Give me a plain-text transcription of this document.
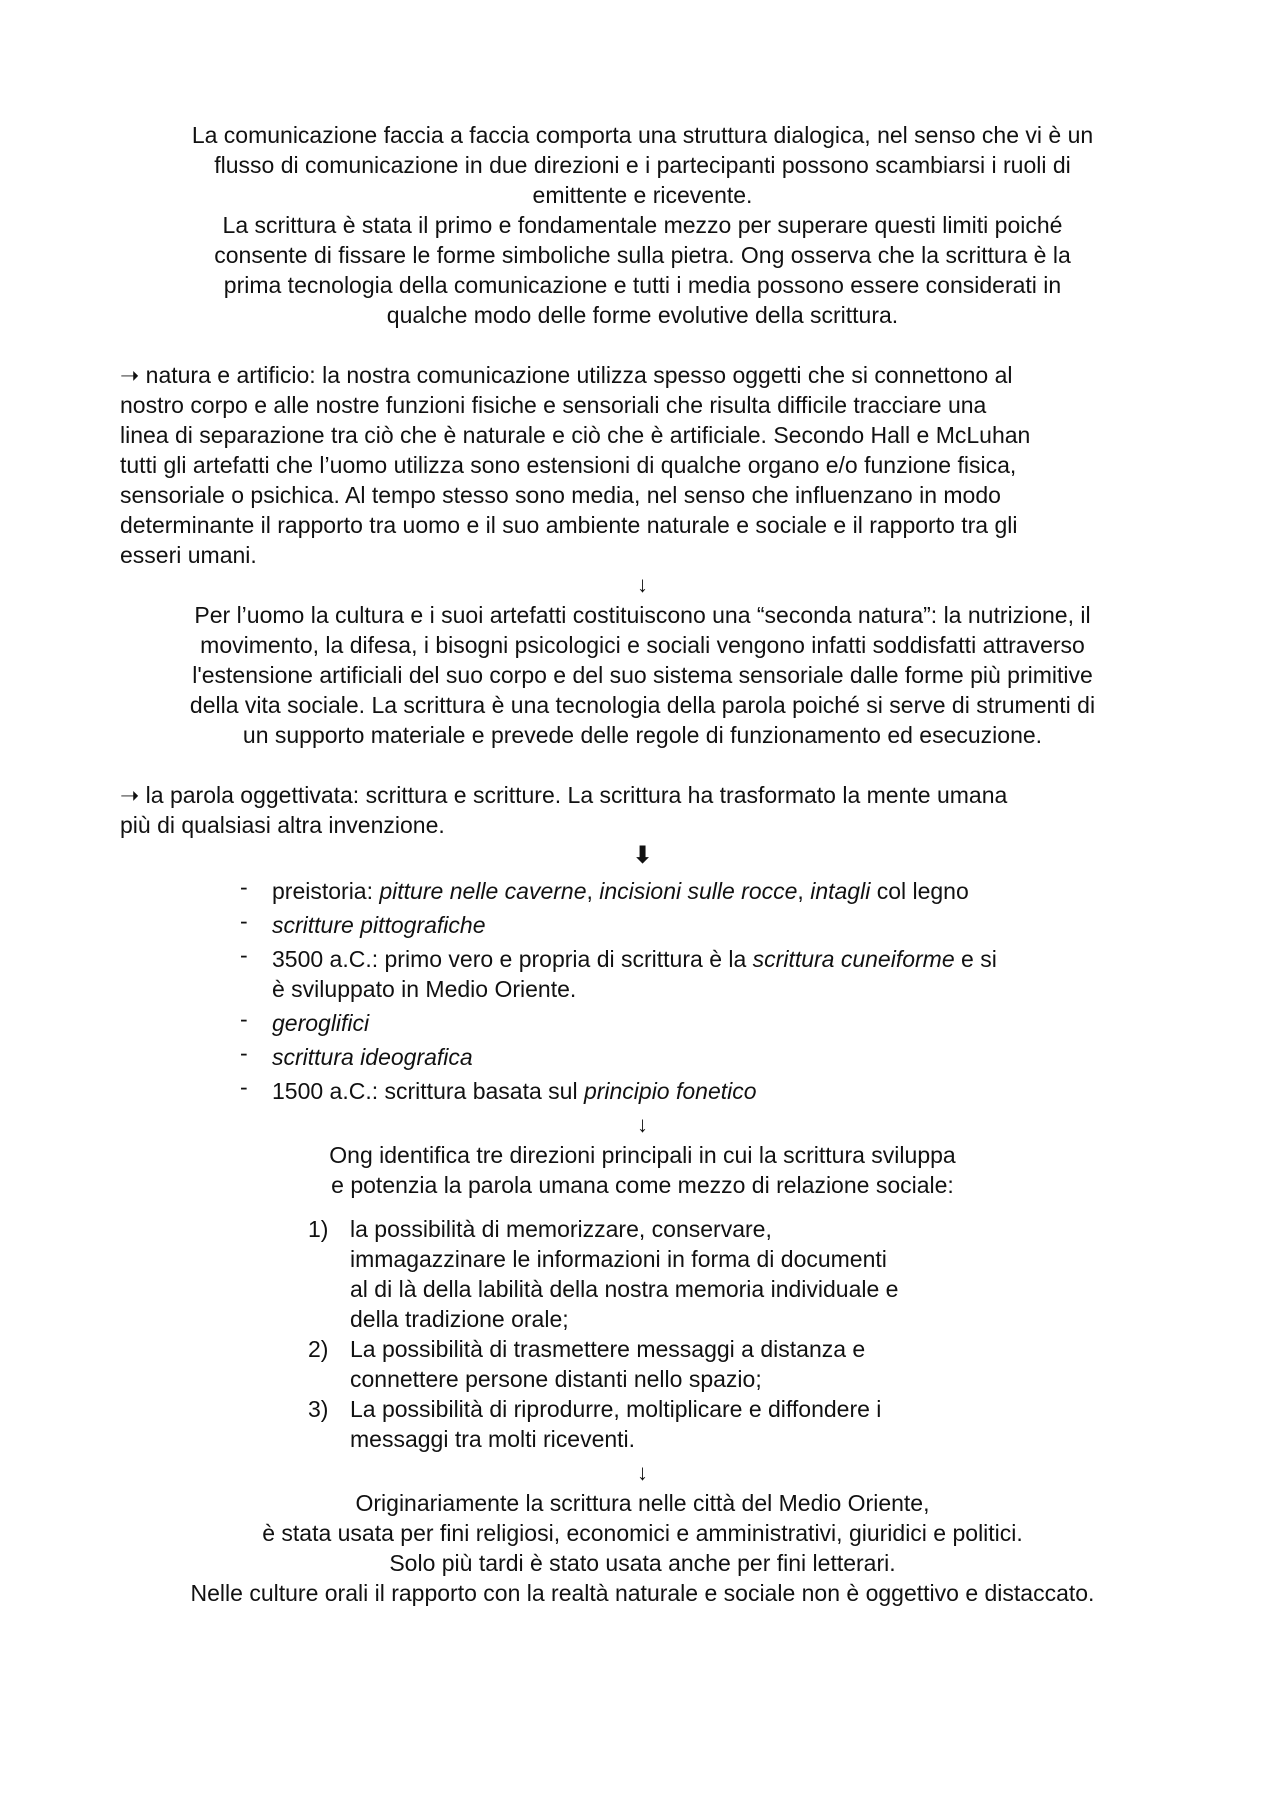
La comunicazione faccia a faccia comporta una struttura dialogica, nel senso che vi è un

flusso di comunicazione in due direzioni e i partecipanti possono scambiarsi i ruoli di

emittente e ricevente.

La scrittura è stata il primo e fondamentale mezzo per superare questi limiti poiché

consente di fissare le forme simboliche sulla pietra. Ong osserva che la scrittura è la

prima tecnologia della comunicazione e tutti i media possono essere considerati in

qualche modo delle forme evolutive della scrittura.

➝ natura e artificio: la nostra comunicazione utilizza spesso oggetti che si connettono al

nostro corpo e alle nostre funzioni fisiche e sensoriali che risulta difficile tracciare una

linea di separazione tra ciò che è naturale e ciò che è artificiale. Secondo Hall e McLuhan

tutti gli artefatti che l’uomo utilizza sono estensioni di qualche organo e/o funzione fisica,

sensoriale o psichica. Al tempo stesso sono media, nel senso che influenzano in modo

determinante il rapporto tra uomo e il suo ambiente naturale e sociale e il rapporto tra gli

esseri umani.

↓

Per l’uomo la cultura e i suoi artefatti costituiscono una “seconda natura”: la nutrizione, il

movimento, la difesa, i bisogni psicologici e sociali vengono infatti soddisfatti attraverso

l'estensione artificiali del suo corpo e del suo sistema sensoriale dalle forme più primitive

della vita sociale. La scrittura è una tecnologia della parola poiché si serve di strumenti di

un supporto materiale e prevede delle regole di funzionamento ed esecuzione.

➝ la parola oggettivata: scrittura e scritture. La scrittura ha trasformato la mente umana

più di qualsiasi altra invenzione.

⬇
- preistoria: pitture nelle caverne, incisioni sulle rocce, intagli col legno
- scritture pittografiche
- 3500 a.C.: primo vero e propria di scrittura è la scrittura cuneiforme e si
è sviluppato in Medio Oriente.
- geroglifici
- scrittura ideografica
- 1500 a.C.: scrittura basata sul principio fonetico
↓

Ong identifica tre direzioni principali in cui la scrittura sviluppa

e potenzia la parola umana come mezzo di relazione sociale:

1) la possibilità di memorizzare, conservare,

immagazzinare le informazioni in forma di documenti

al di là della labilità della nostra memoria individuale e

della tradizione orale;

2) La possibilità di trasmettere messaggi a distanza e

connettere persone distanti nello spazio;

3) La possibilità di riprodurre, moltiplicare e diffondere i

messaggi tra molti riceventi.

↓

Originariamente la scrittura nelle città del Medio Oriente,

è stata usata per fini religiosi, economici e amministrativi, giuridici e politici.

Solo più tardi è stato usata anche per fini letterari.

Nelle culture orali il rapporto con la realtà naturale e sociale non è oggettivo e distaccato.
